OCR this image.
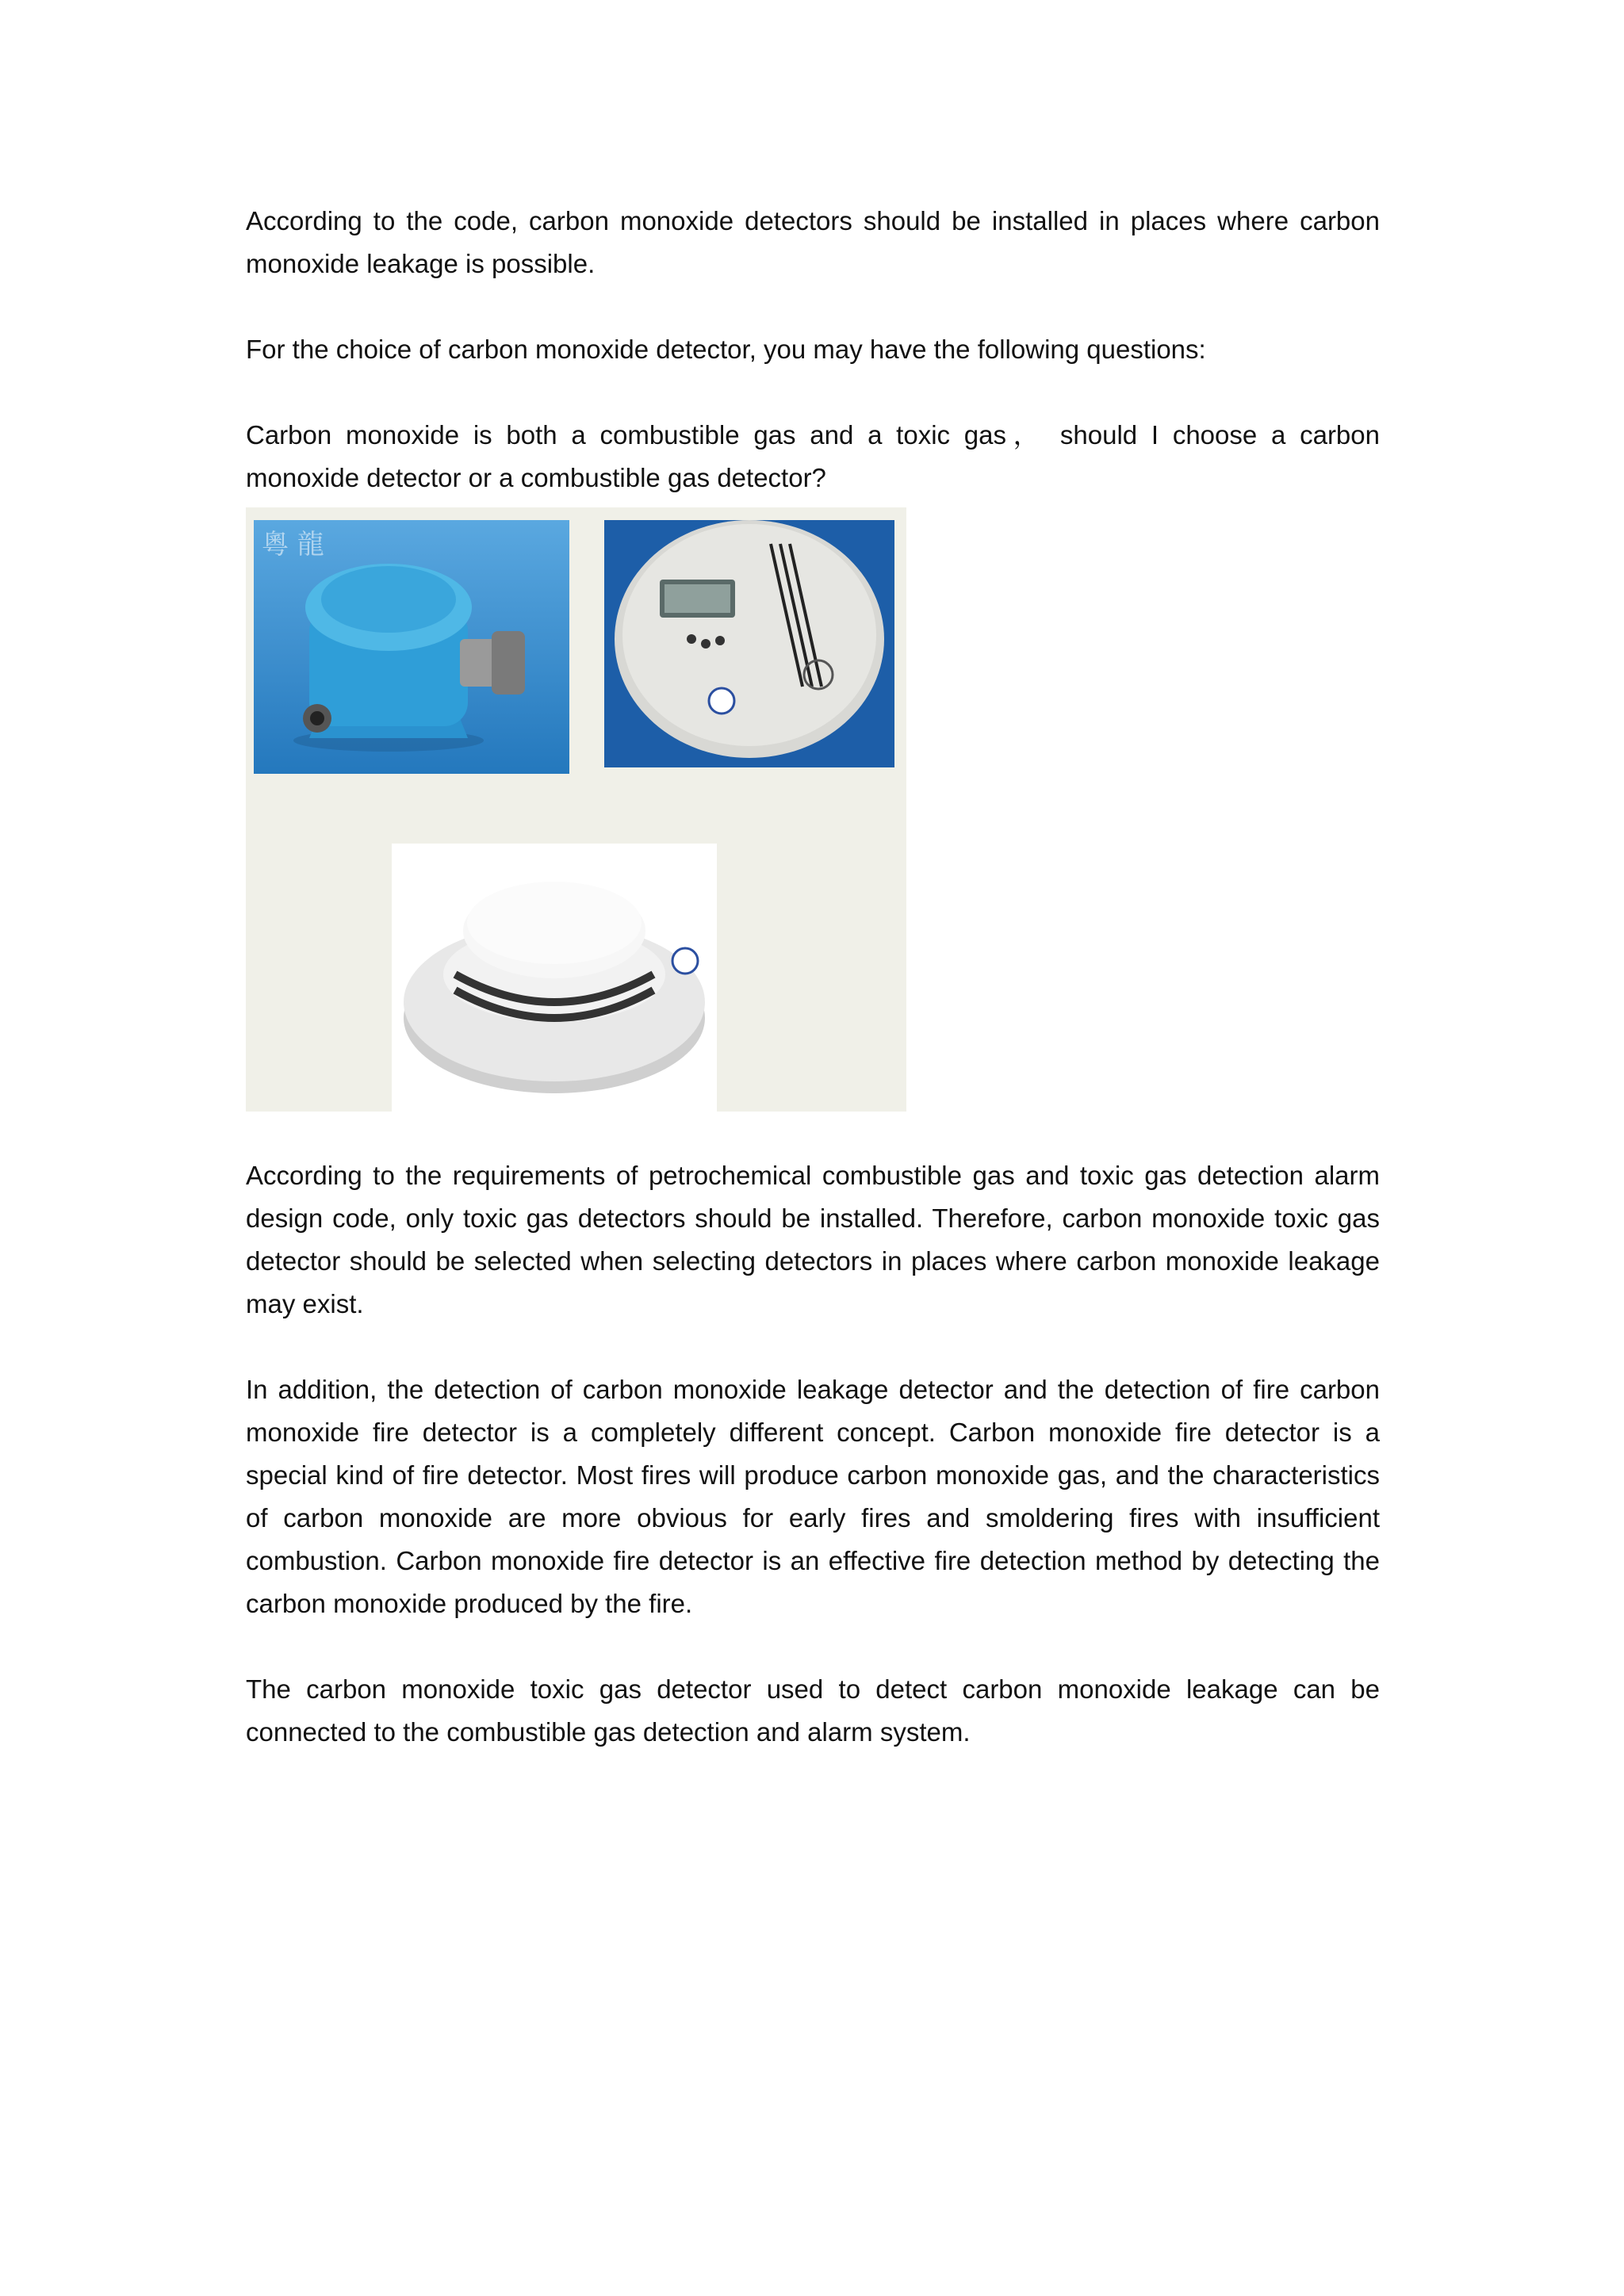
According to the code, carbon monoxide detectors should be installed in places where carbon monoxide leakage is possible.

For the choice of carbon monoxide detector, you may have the following questions:

Carbon monoxide is both a combustible gas and a toxic gas， should I choose a carbon monoxide detector or a combustible gas detector?

粵 龍

According to the requirements of petrochemical combustible gas and toxic gas detection alarm design code, only toxic gas detectors should be installed. Therefore, carbon monoxide toxic gas detector should be selected when selecting detectors in places where carbon monoxide leakage may exist.

In addition, the detection of carbon monoxide leakage detector and the detection of fire carbon monoxide fire detector is a completely different concept. Carbon monoxide fire detector is a special kind of fire detector. Most fires will produce carbon monoxide gas, and the characteristics of carbon monoxide are more obvious for early fires and smoldering fires with insufficient combustion. Carbon monoxide fire detector is an effective fire detection method by detecting the carbon monoxide produced by the fire.

The carbon monoxide toxic gas detector used to detect carbon monoxide leakage can be connected to the combustible gas detection and alarm system.
